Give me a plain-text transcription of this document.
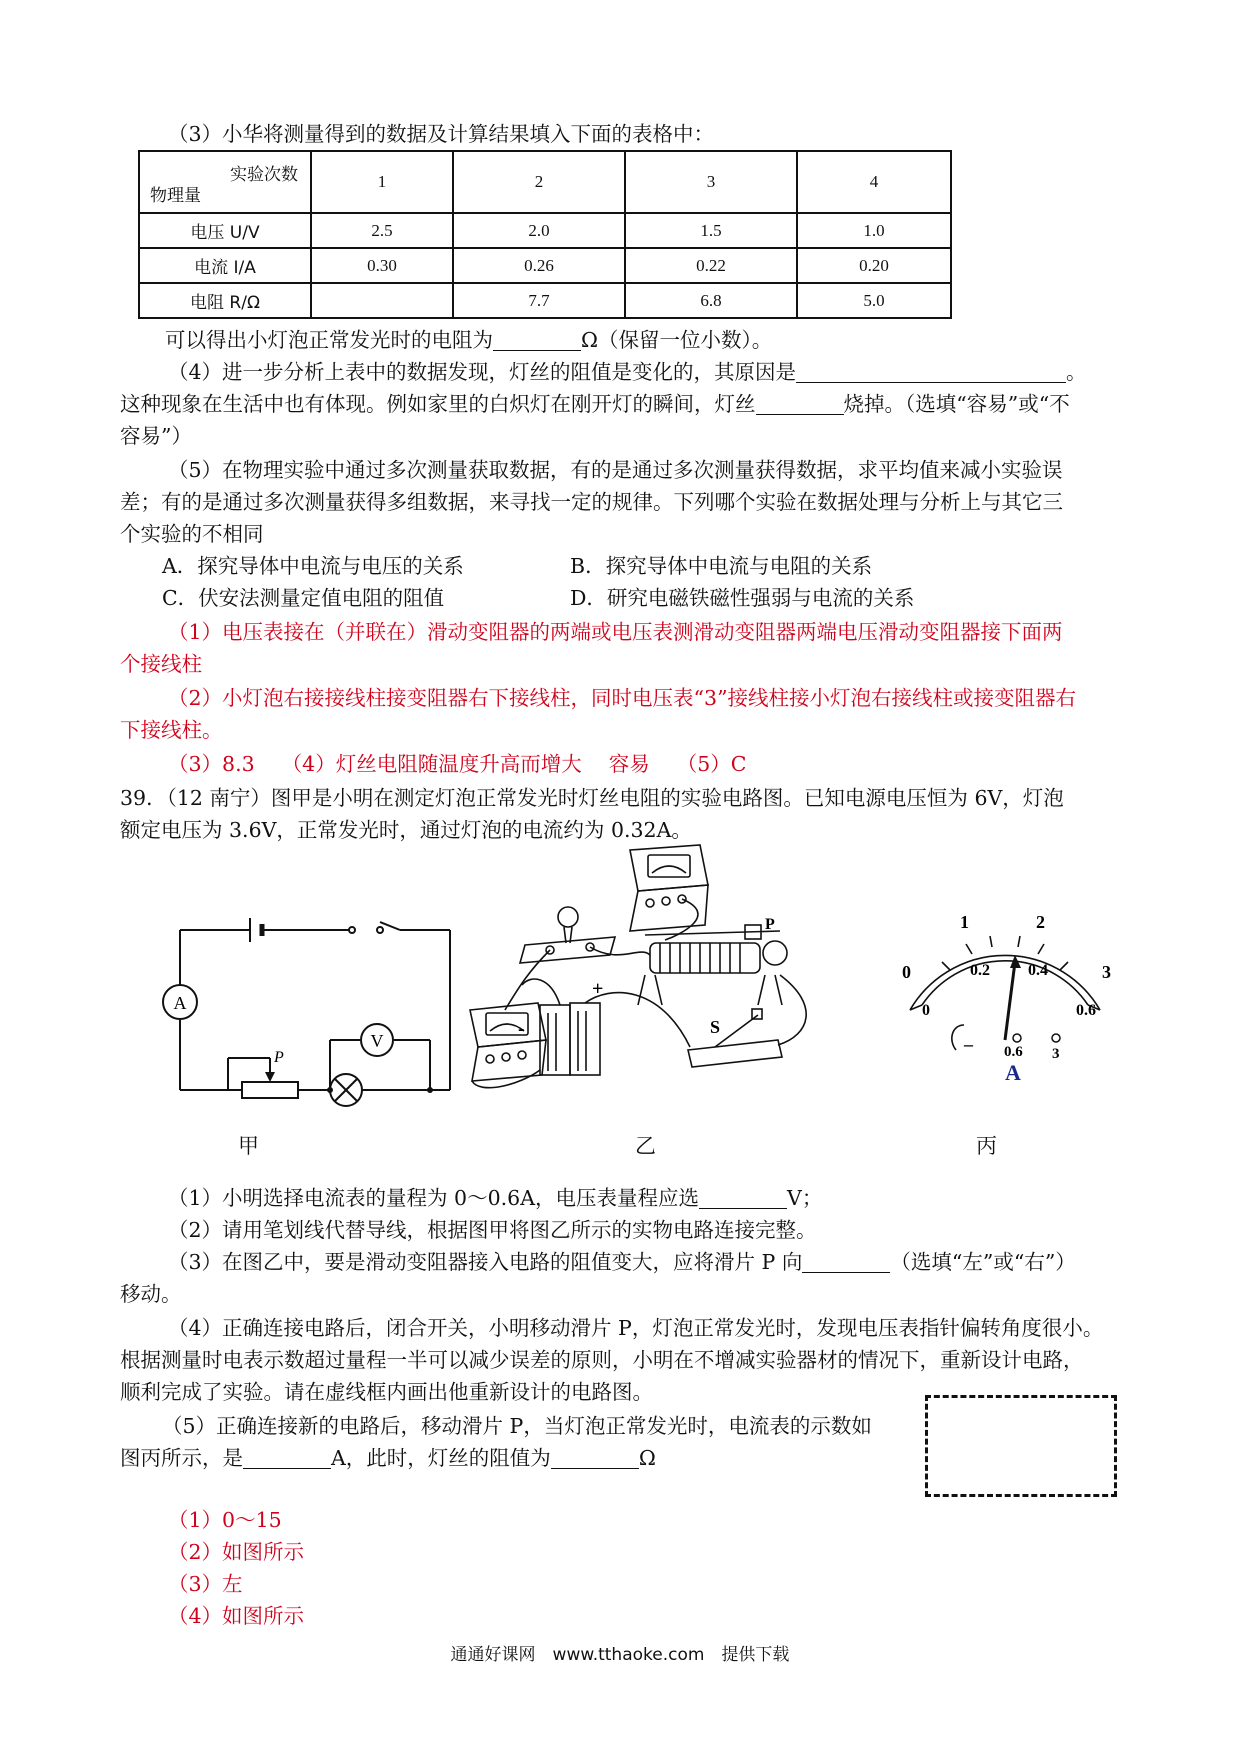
（3）小华将测量得到的数据及计算结果填入下面的表格中：
实验次数
物理量	1	2	3	4
电压 U/V	2.5	2.0	1.5	1.0
电流 I/A	0.30	0.26	0.22	0.20
电阻 R/Ω		7.7	6.8	5.0
可以得出小灯泡正常发光时的电阻为	Ω（保留一位小数）。
（4）进一步分析上表中的数据发现，灯丝的阻值是变化的，其原因是	。
这种现象在生活中也有体现。例如家里的白炽灯在刚开灯的瞬间，灯丝	烧掉。（选填“容易”或“不
容易”）
（5）在物理实验中通过多次测量获取数据，有的是通过多次测量获得数据，求平均值来减小实验误
差；有的是通过多次测量获得多组数据，来寻找一定的规律。下列哪个实验在数据处理与分析上与其它三
个实验的不相同
A．探究导体中电流与电压的关系	B．探究导体中电流与电阻的关系
C．伏安法测量定值电阻的阻值	D．研究电磁铁磁性强弱与电流的关系
（1）电压表接在（并联在）滑动变阻器的两端或电压表测滑动变阻器两端电压滑动变阻器接下面两
个接线柱
（2）小灯泡右接接线柱接变阻器右下接线柱，同时电压表“3”接线柱接小灯泡右接线柱或接变阻器右
下接线柱。
（3）8.3　 （4）灯丝电阻随温度升高而增大　 容易　 （5）C
39．（12 南宁）图甲是小明在测定灯泡正常发光时灯丝电阻的实验电路图。已知电源电压恒为 6V，灯泡
额定电压为 3.6V，正常发光时，通过灯泡的电流约为 0.32A。
A
V
P
P
+
-	S
0
1	2
3
0
0.2 0.4
0.6
– 0.6 3
A
甲	乙	丙
（1）小明选择电流表的量程为 0～0.6A，电压表量程应选	V；
（2）请用笔划线代替导线，根据图甲将图乙所示的实物电路连接完整。
（3）在图乙中，要是滑动变阻器接入电路的阻值变大，应将滑片 P 向	（选填“左”或“右”）
移动。
（4）正确连接电路后，闭合开关，小明移动滑片 P，灯泡正常发光时，发现电压表指针偏转角度很小。
根据测量时电表示数超过量程一半可以减少误差的原则，小明在不增减实验器材的情况下，重新设计电路，
顺利完成了实验。请在虚线框内画出他重新设计的电路图。
（5）正确连接新的电路后，移动滑片 P，当灯泡正常发光时，电流表的示数如
图丙所示，是	A，此时，灯丝的阻值为	Ω
（1）0～15
（2）如图所示
（3）左
（4）如图所示
通通好课网　www.tthaoke.com　提供下载
